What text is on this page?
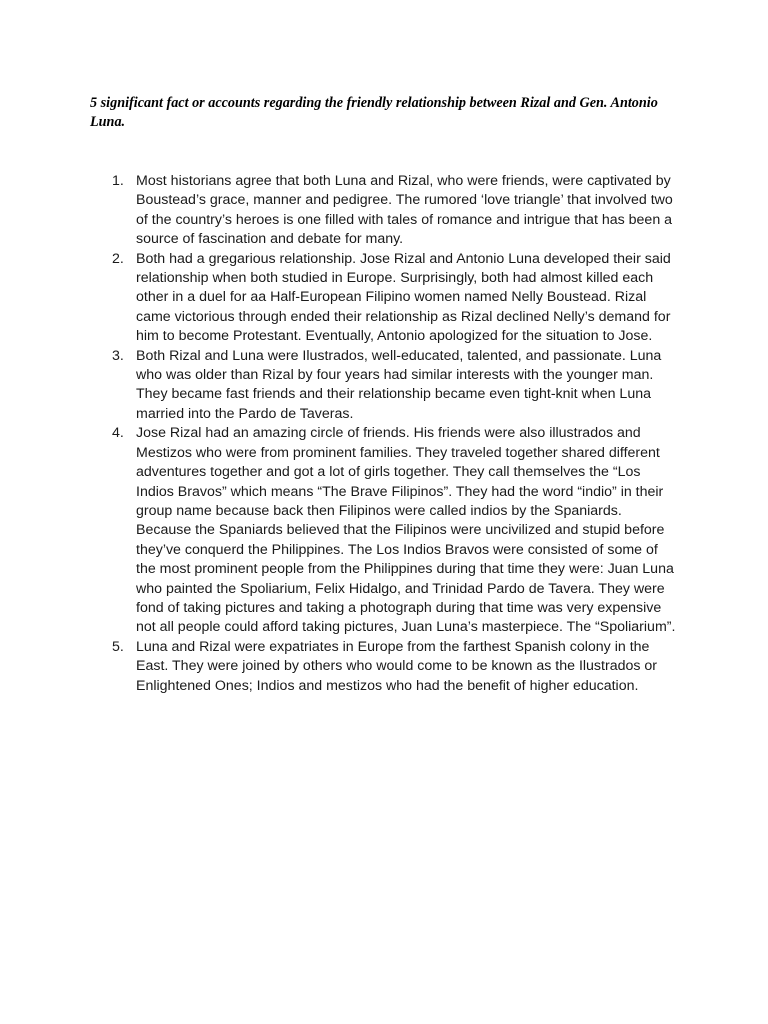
5 significant fact or accounts regarding the friendly relationship between Rizal and Gen. Antonio Luna.

1. Most historians agree that both Luna and Rizal, who were friends, were captivated by Boustead’s grace, manner and pedigree. The rumored ‘love triangle’ that involved two of the country’s heroes is one filled with tales of romance and intrigue that has been a source of fascination and debate for many.
2. Both had a gregarious relationship. Jose Rizal and Antonio Luna developed their said relationship when both studied in Europe. Surprisingly, both had almost killed each other in a duel for aa Half-European Filipino women named Nelly Boustead. Rizal came victorious through ended their relationship as Rizal declined Nelly’s demand for him to become Protestant. Eventually, Antonio apologized for the situation to Jose.
3. Both Rizal and Luna were Ilustrados, well-educated, talented, and passionate. Luna who was older than Rizal by four years had similar interests with the younger man. They became fast friends and their relationship became even tight-knit when Luna married into the Pardo de Taveras.
4. Jose Rizal had an amazing circle of friends. His friends were also illustrados and Mestizos who were from prominent families. They traveled together shared different adventures together and got a lot of girls together. They call themselves the “Los Indios Bravos” which means “The Brave Filipinos”. They had the word “indio” in their group name because back then Filipinos were called indios by the Spaniards. Because the Spaniards believed that the Filipinos were uncivilized and stupid before they’ve conquerd the Philippines. The Los Indios Bravos were consisted of some of the most prominent people from the Philippines during that time they were: Juan Luna who painted the Spoliarium, Felix Hidalgo, and Trinidad Pardo de Tavera. They were fond of taking pictures and taking a photograph during that time was very expensive not all people could afford taking pictures, Juan Luna’s masterpiece. The “Spoliarium”.
5. Luna and Rizal were expatriates in Europe from the farthest Spanish colony in the East. They were joined by others who would come to be known as the Ilustrados or Enlightened Ones; Indios and mestizos who had the benefit of higher education.
